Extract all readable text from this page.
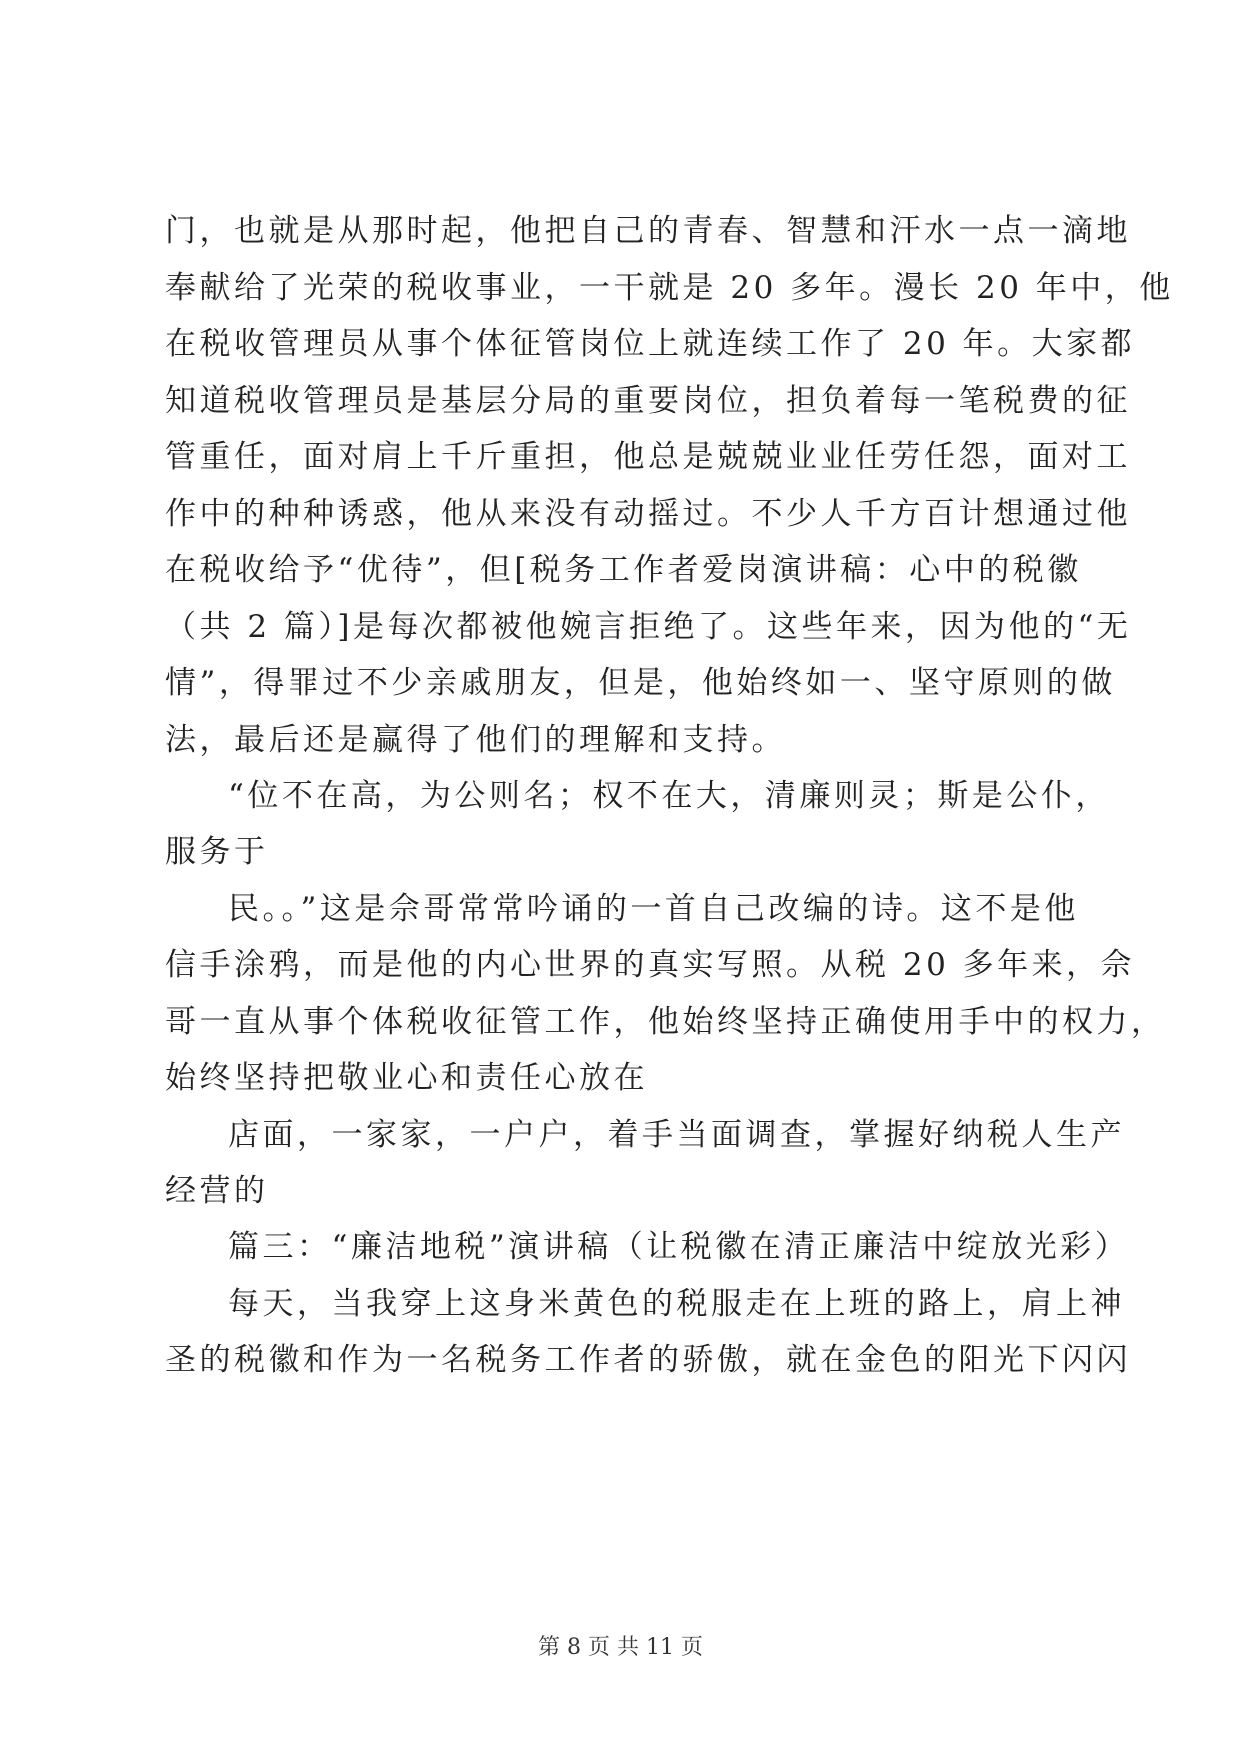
门，也就是从那时起，他把自己的青春、智慧和汗水一点一滴地
奉献给了光荣的税收事业，一干就是 20 多年。漫长 20 年中，他
在税收管理员从事个体征管岗位上就连续工作了 20 年。大家都
知道税收管理员是基层分局的重要岗位，担负着每一笔税费的征
管重任，面对肩上千斤重担，他总是兢兢业业任劳任怨，面对工
作中的种种诱惑，他从来没有动摇过。不少人千方百计想通过他
在税收给予“优待”，但[税务工作者爱岗演讲稿：心中的税徽
（共 2 篇）]是每次都被他婉言拒绝了。这些年来，因为他的“无
情”，得罪过不少亲戚朋友，但是，他始终如一、坚守原则的做
法，最后还是赢得了他们的理解和支持。
“位不在高，为公则名；权不在大，清廉则灵；斯是公仆，
服务于
民。。”这是佘哥常常吟诵的一首自己改编的诗。这不是他
信手涂鸦，而是他的内心世界的真实写照。从税 20 多年来，佘
哥一直从事个体税收征管工作，他始终坚持正确使用手中的权力，
始终坚持把敬业心和责任心放在
店面，一家家，一户户，着手当面调查，掌握好纳税人生产
经营的
篇三：“廉洁地税”演讲稿（让税徽在清正廉洁中绽放光彩）
每天，当我穿上这身米黄色的税服走在上班的路上，肩上神
圣的税徽和作为一名税务工作者的骄傲，就在金色的阳光下闪闪
第 8 页 共 11 页
